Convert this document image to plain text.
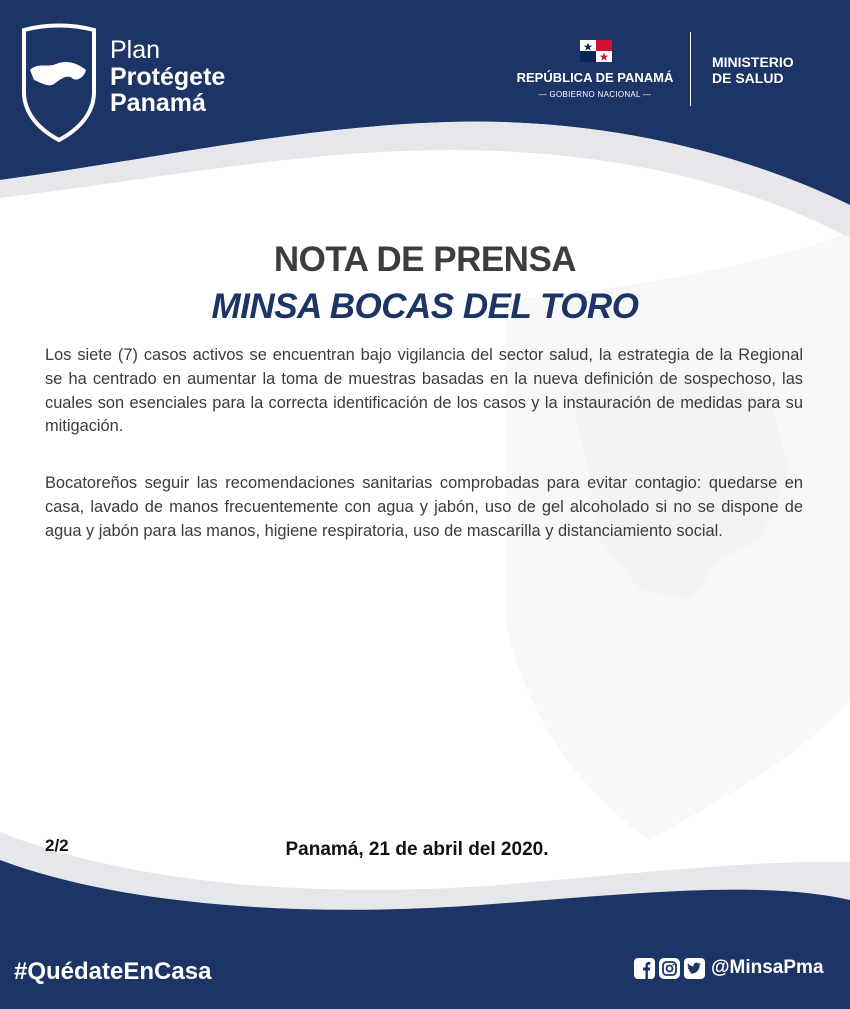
Plan
Protégete
Panamá
REPÚBLICA DE PANAMÁ
— GOBIERNO NACIONAL —
MINISTERIO
DE SALUD
NOTA DE PRENSA
MINSA BOCAS DEL TORO

Los siete (7) casos activos se encuentran bajo vigilancia del sector salud, la estrategia de la Regional se ha centrado en aumentar la toma de muestras basadas en la nueva definición de sospechoso, las cuales son esenciales para la correcta identificación de los casos y la instauración de medidas para su mitigación.

Bocatoreños seguir las recomendaciones sanitarias comprobadas para evitar contagio: quedarse en casa, lavado de manos frecuentemente con agua y jabón, uso de gel alcoholado si no se dispone de agua y jabón para las manos, higiene respiratoria, uso de mascarilla y distanciamiento social.

2/2	Panamá, 21 de abril del 2020.
#QuédateEnCasa	@MinsaPma
